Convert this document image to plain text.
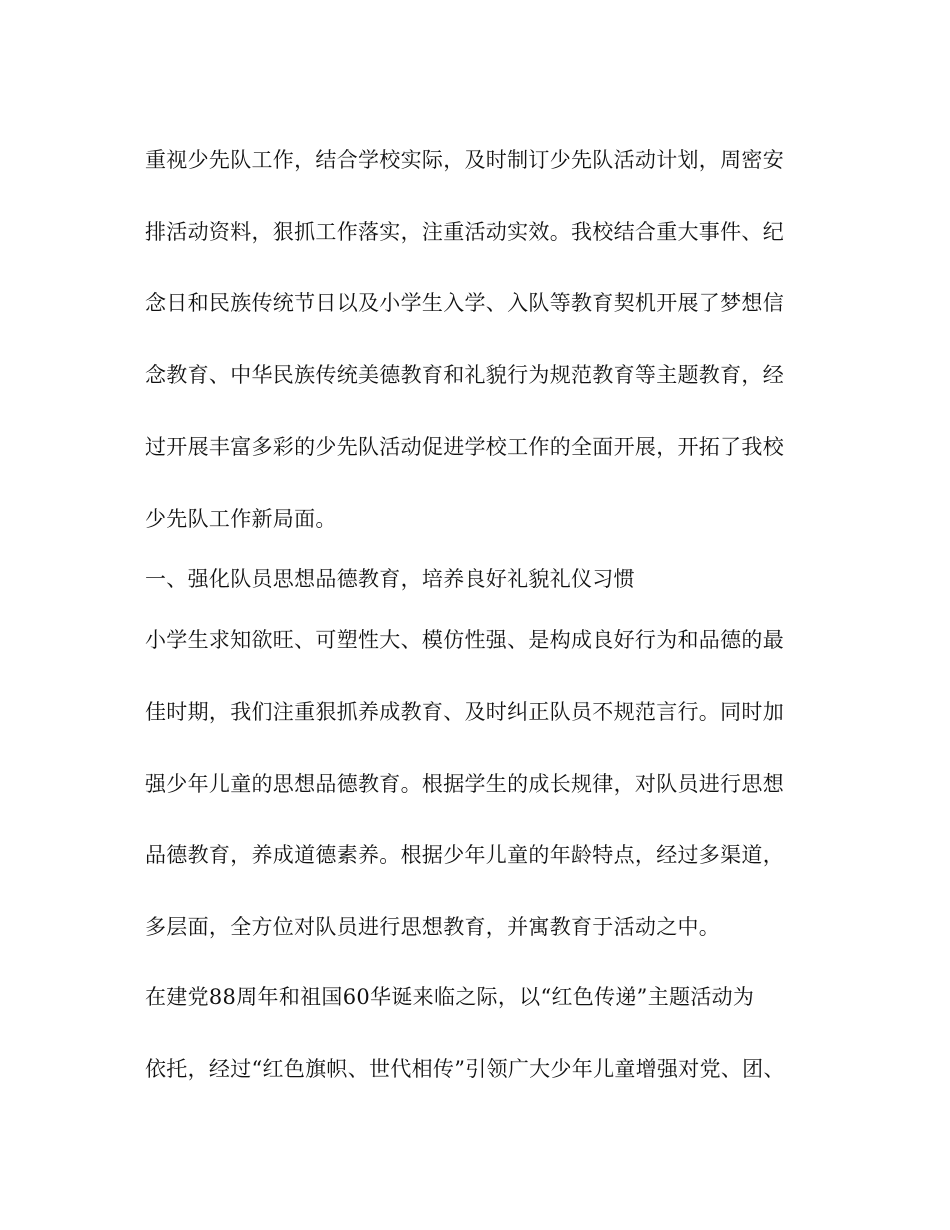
重视少先队工作，结合学校实际，及时制订少先队活动计划，周密安
排活动资料，狠抓工作落实，注重活动实效。我校结合重大事件、纪
念日和民族传统节日以及小学生入学、入队等教育契机开展了梦想信
念教育、中华民族传统美德教育和礼貌行为规范教育等主题教育，经
过开展丰富多彩的少先队活动促进学校工作的全面开展，开拓了我校
少先队工作新局面。
一、强化队员思想品德教育，培养良好礼貌礼仪习惯
小学生求知欲旺、可塑性大、模仿性强、是构成良好行为和品德的最
佳时期，我们注重狠抓养成教育、及时纠正队员不规范言行。同时加
强少年儿童的思想品德教育。根据学生的成长规律，对队员进行思想
品德教育，养成道德素养。根据少年儿童的年龄特点，经过多渠道，
多层面，全方位对队员进行思想教育，并寓教育于活动之中。
在建党88周年和祖国60华诞来临之际，以“红色传递”主题活动为
依托，经过“红色旗帜、世代相传”引领广大少年儿童增强对党、团、
